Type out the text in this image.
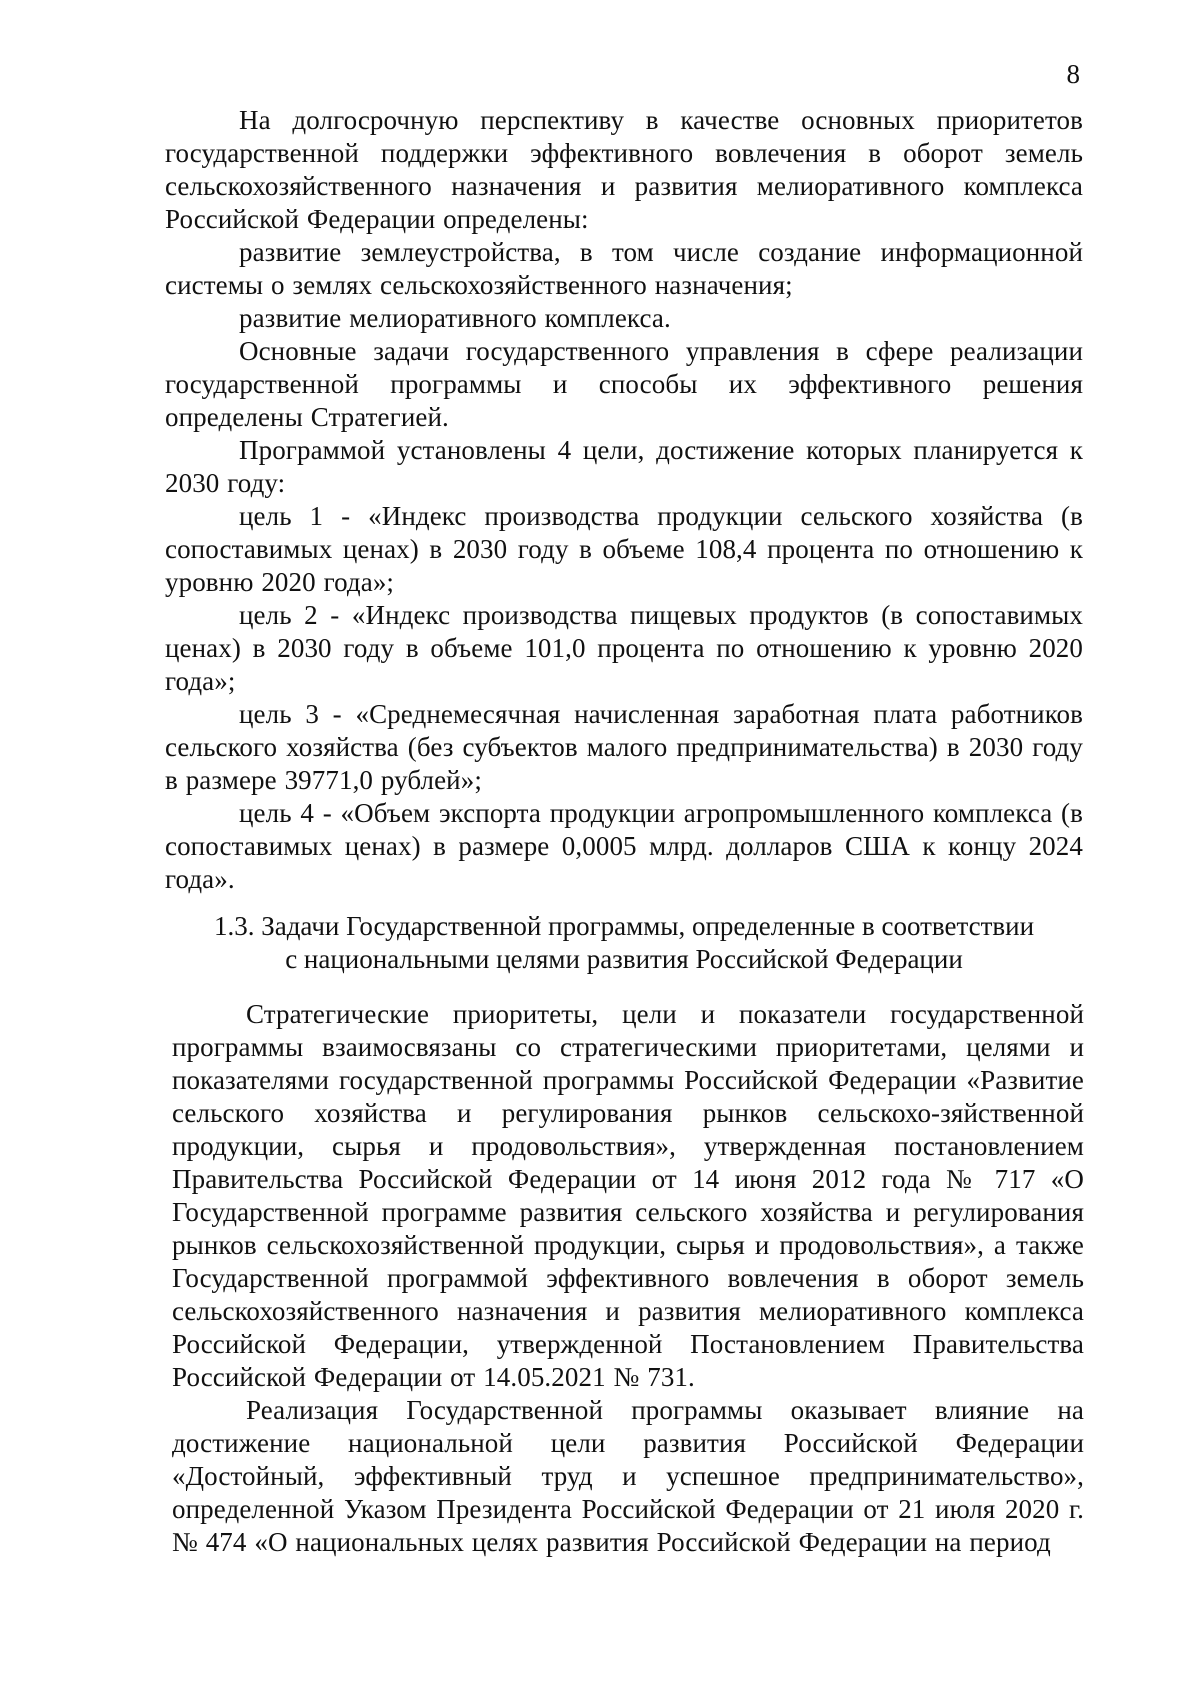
8

На долгосрочную перспективу в качестве основных приоритетов государственной поддержки эффективного вовлечения в оборот земель сельскохозяйственного назначения и развития мелиоративного комплекса Российской Федерации определены:

развитие землеустройства, в том числе создание информационной системы о землях сельскохозяйственного назначения;

развитие мелиоративного комплекса.

Основные задачи государственного управления в сфере реализации государственной программы и способы их эффективного решения определены Стратегией.

Программой установлены 4 цели, достижение которых планируется к 2030 году:

цель 1 - «Индекс производства продукции сельского хозяйства (в сопоставимых ценах) в 2030 году в объеме 108,4 процента по отношению к уровню 2020 года»;

цель 2 - «Индекс производства пищевых продуктов (в сопоставимых ценах) в 2030 году в объеме 101,0 процента по отношению к уровню 2020 года»;

цель 3 - «Среднемесячная начисленная заработная плата работников сельского хозяйства (без субъектов малого предпринимательства) в 2030 году в размере 39771,0 рублей»;

цель 4 - «Объем экспорта продукции агропромышленного комплекса (в сопоставимых ценах) в размере 0,0005 млрд. долларов США к концу 2024 года».

1.3. Задачи Государственной программы, определенные в соответствии
с национальными целями развития Российской Федерации

Стратегические приоритеты, цели и показатели государственной программы взаимосвязаны со стратегическими приоритетами, целями и показателями государственной программы Российской Федерации «Развитие сельского хозяйства и регулирования рынков сельскохо-зяйственной продукции, сырья и продовольствия», утвержденная постановлением Правительства Российской Федерации от 14 июня 2012 года № 717 «О Государственной программе развития сельского хозяйства и регулирования рынков сельскохозяйственной продукции, сырья и продовольствия», а также Государственной программой эффективного вовлечения в оборот земель сельскохозяйственного назначения и развития мелиоративного комплекса Российской Федерации, утвержденной Постановлением Правительства Российской Федерации от 14.05.2021 № 731.

Реализация Государственной программы оказывает влияние на достижение национальной цели развития Российской Федерации «Достойный, эффективный труд и успешное предпринимательство», определенной Указом Президента Российской Федерации от 21 июля 2020 г. № 474 «О национальных целях развития Российской Федерации на период
